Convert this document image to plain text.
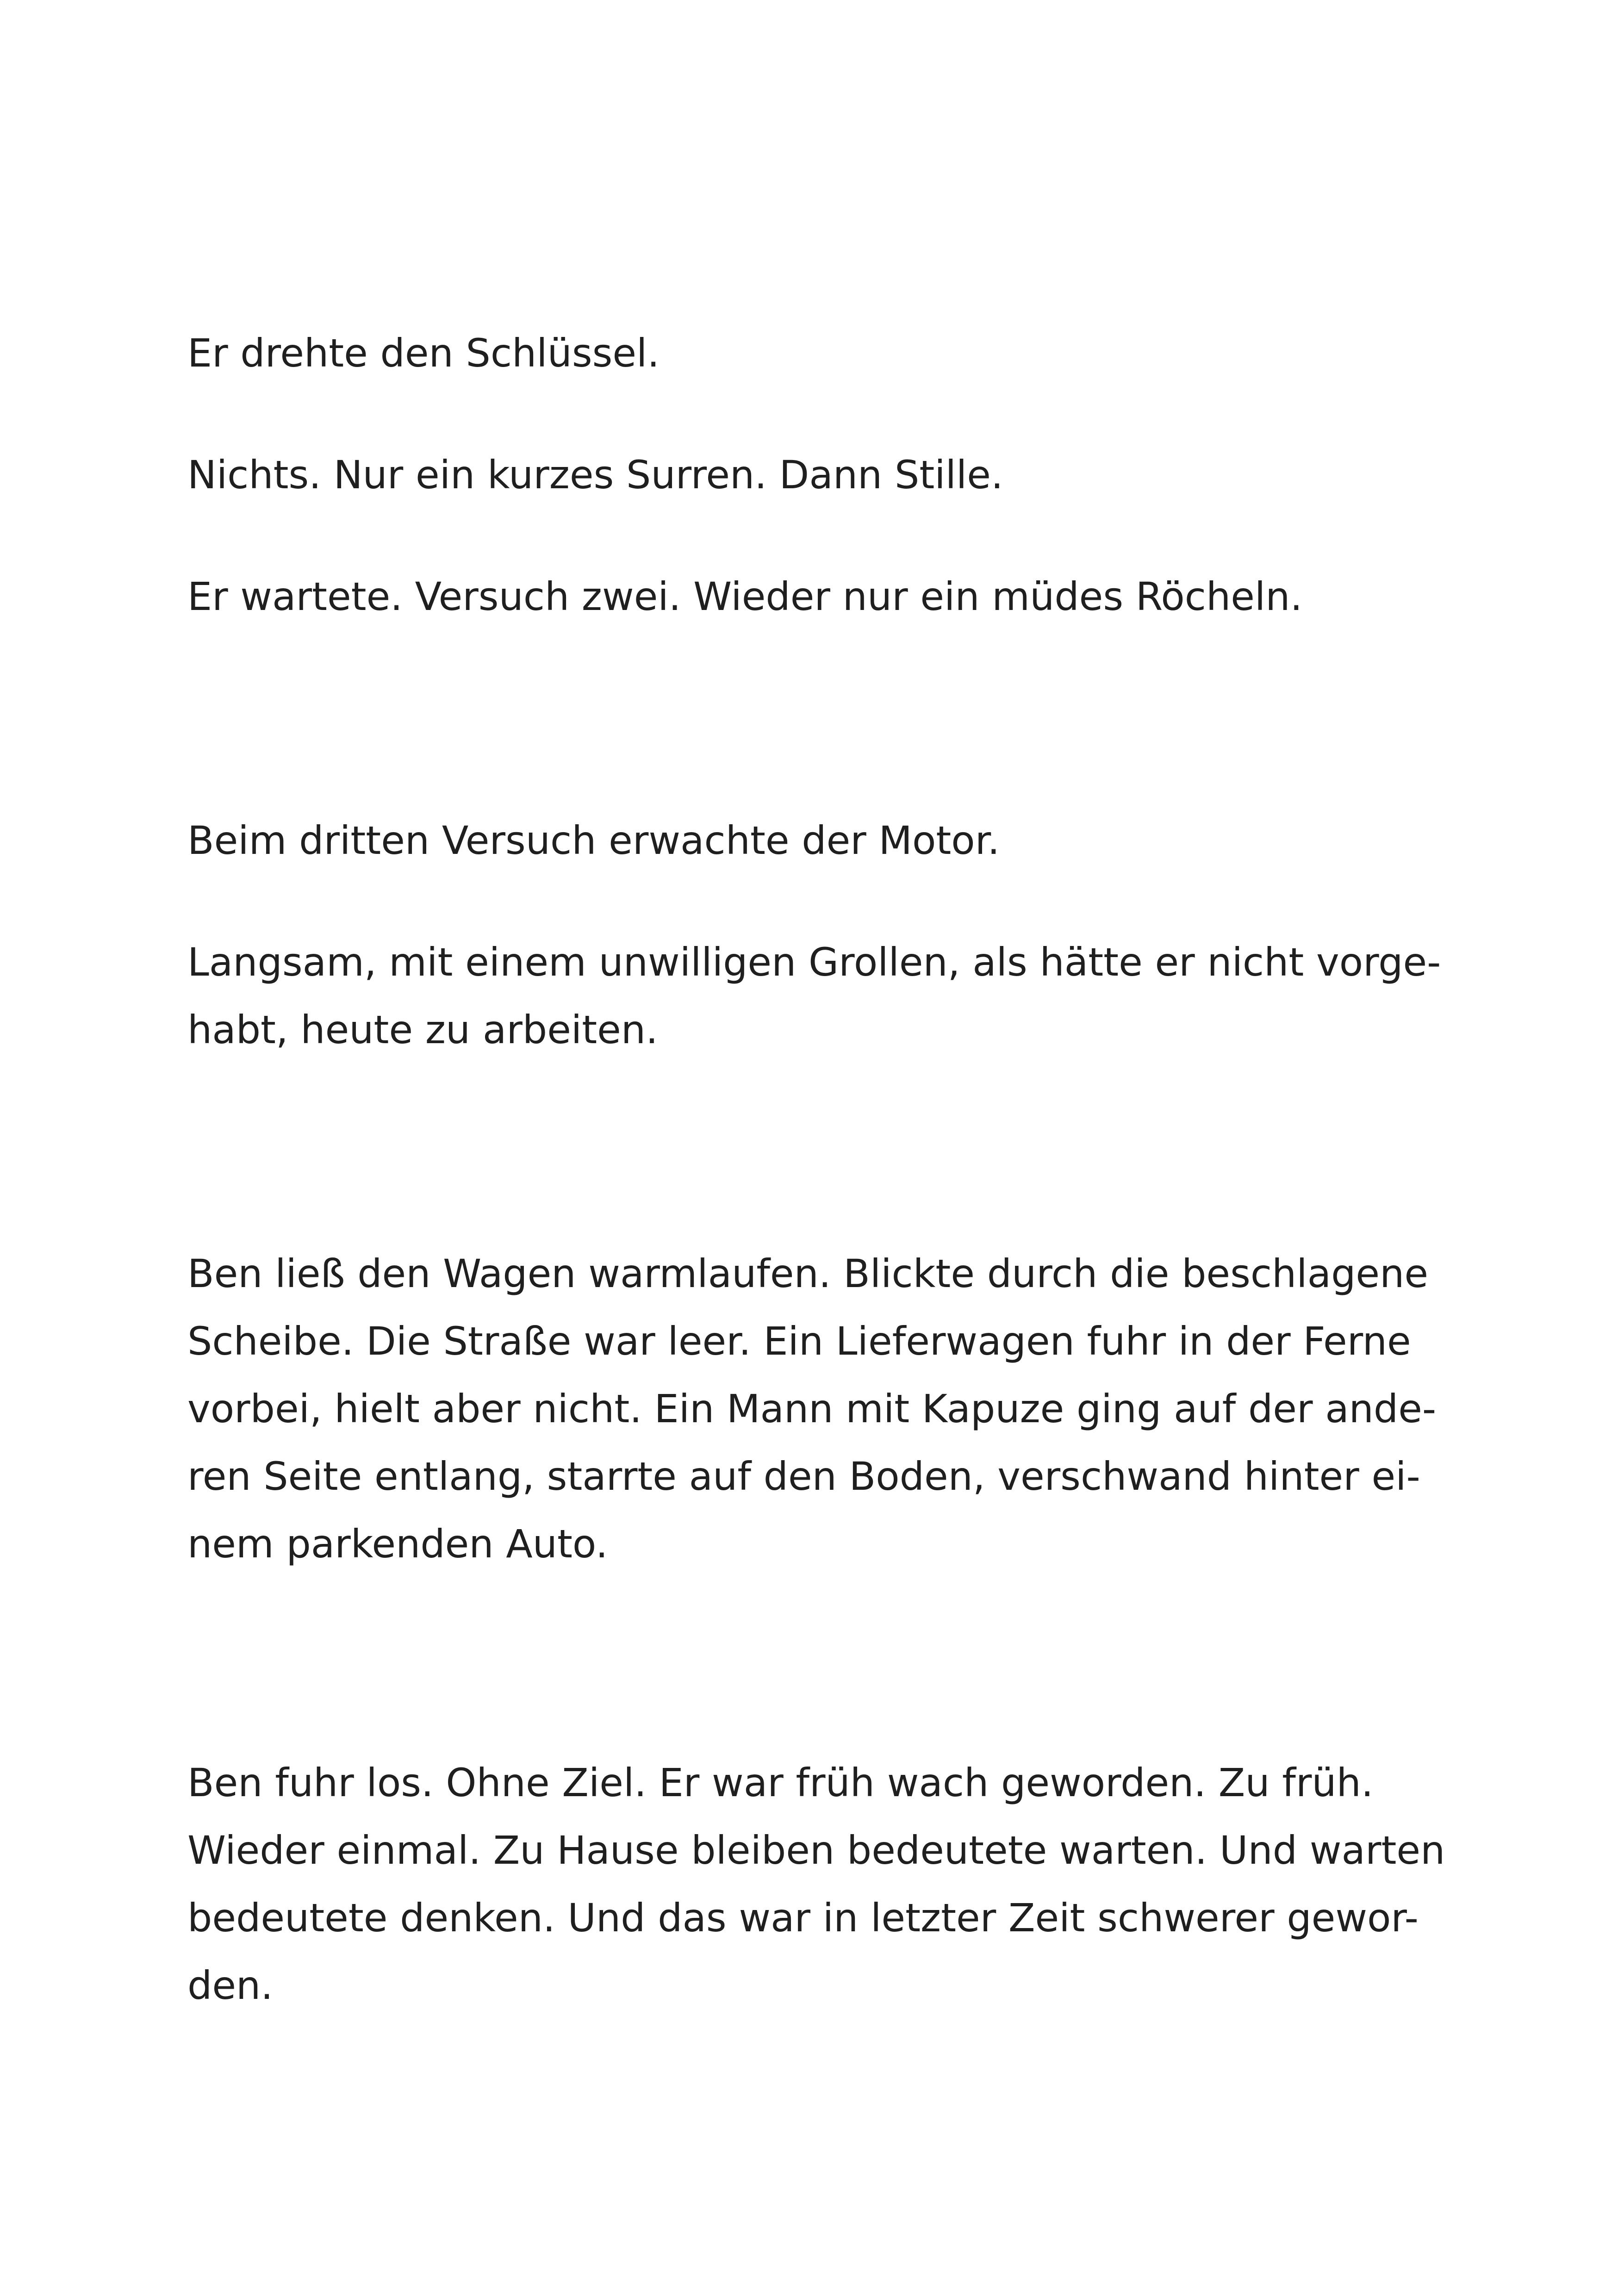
Er drehte den Schlüssel.

Nichts. Nur ein kurzes Surren. Dann Stille.

Er wartete. Versuch zwei. Wieder nur ein müdes Röcheln.

Beim dritten Versuch erwachte der Motor.

Langsam, mit einem unwilligen Grollen, als hätte er nicht vorge-

habt, heute zu arbeiten.

Ben ließ den Wagen warmlaufen. Blickte durch die beschlagene

Scheibe. Die Straße war leer. Ein Lieferwagen fuhr in der Ferne

vorbei, hielt aber nicht. Ein Mann mit Kapuze ging auf der ande-

ren Seite entlang, starrte auf den Boden, verschwand hinter ei-

nem parkenden Auto.

Ben fuhr los. Ohne Ziel. Er war früh wach geworden. Zu früh.

Wieder einmal. Zu Hause bleiben bedeutete warten. Und warten

bedeutete denken. Und das war in letzter Zeit schwerer gewor-

den.
